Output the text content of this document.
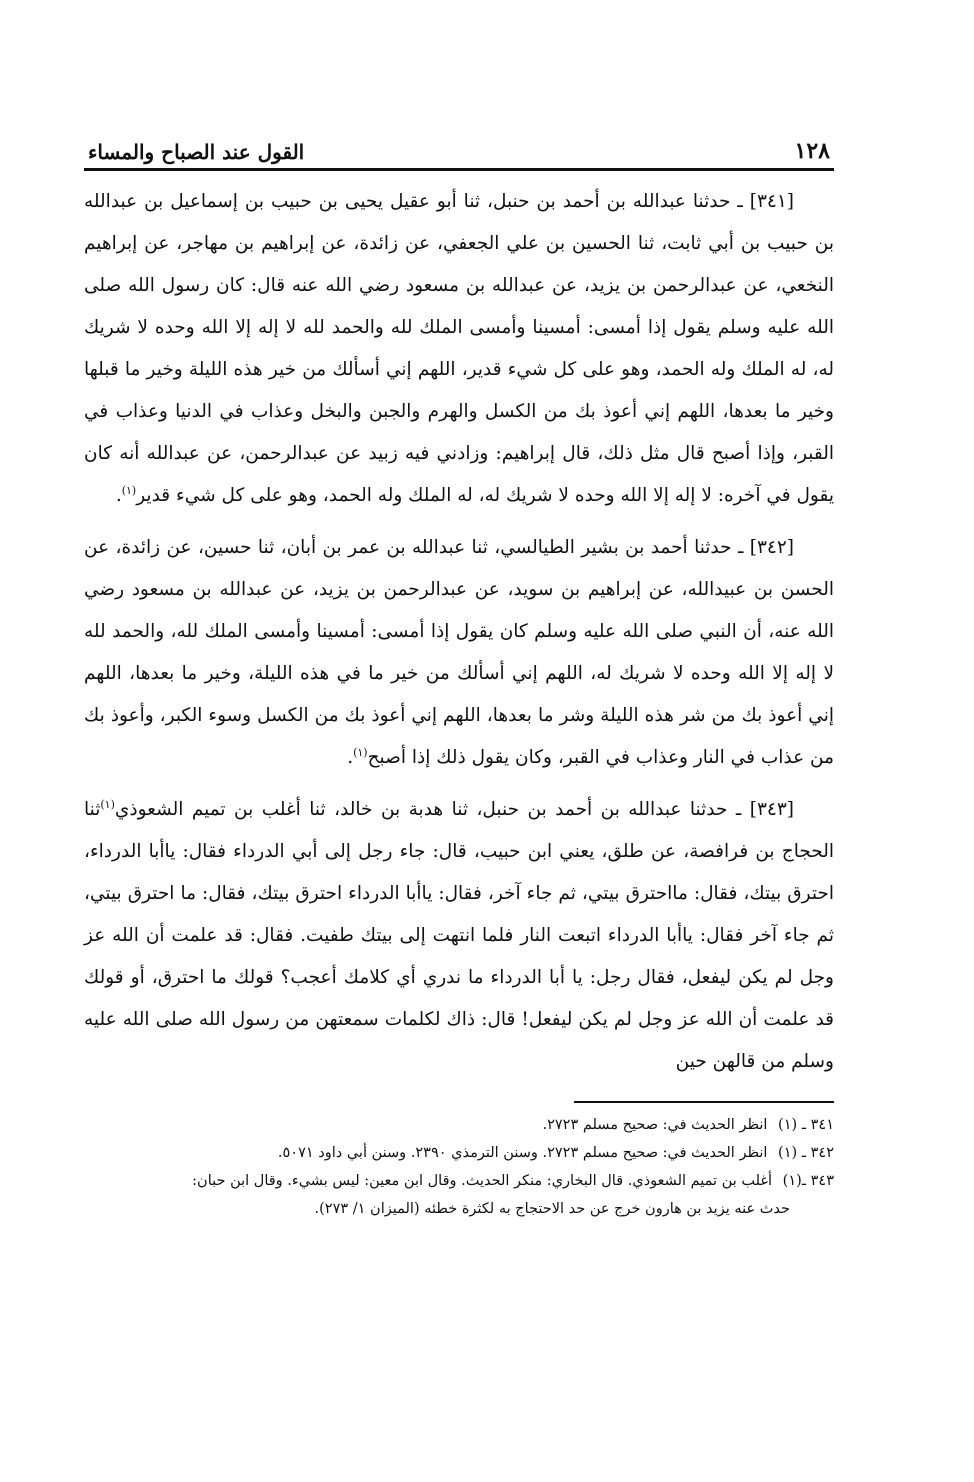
١٢٨
القول عند الصباح والمساء

[٣٤١] ـ حدثنا عبدالله بن أحمد بن حنبل، ثنا أبو عقيل يحيى بن حبيب بن إسماعيل بن عبدالله بن حبيب بن أبي ثابت، ثنا الحسين بن علي الجعفي، عن زائدة، عن إبراهيم بن مهاجر، عن إبراهيم النخعي، عن عبدالرحمن بن يزيد، عن عبدالله بن مسعود رضي الله عنه قال: كان رسول الله صلى الله عليه وسلم يقول إذا أمسى: أمسينا وأمسى الملك لله والحمد لله لا إله إلا الله وحده لا شريك له، له الملك وله الحمد، وهو على كل شيء قدير، اللهم إني أسألك من خير هذه الليلة وخير ما قبلها وخير ما بعدها، اللهم إني أعوذ بك من الكسل والهرم والجبن والبخل وعذاب في الدنيا وعذاب في القبر، وإذا أصبح قال مثل ذلك، قال إبراهيم: وزادني فيه زبيد عن عبدالرحمن، عن عبدالله أنه كان يقول في آخره: لا إله إلا الله وحده لا شريك له، له الملك وله الحمد، وهو على كل شيء قدير$^{(١)}$.

[٣٤٢] ـ حدثنا أحمد بن بشير الطيالسي، ثنا عبدالله بن عمر بن أبان، ثنا حسين، عن زائدة، عن الحسن بن عبيدالله، عن إبراهيم بن سويد، عن عبدالرحمن بن يزيد، عن عبدالله بن مسعود رضي الله عنه، أن النبي صلى الله عليه وسلم كان يقول إذا أمسى: أمسينا وأمسى الملك لله، والحمد لله لا إله إلا الله وحده لا شريك له، اللهم إني أسألك من خير ما في هذه الليلة، وخير ما بعدها، اللهم إني أعوذ بك من شر هذه الليلة وشر ما بعدها، اللهم إني أعوذ بك من الكسل وسوء الكبر، وأعوذ بك من عذاب في النار وعذاب في القبر، وكان يقول ذلك إذا أصبح$^{(١)}$.

[٣٤٣] ـ حدثنا عبدالله بن أحمد بن حنبل، ثنا هدبة بن خالد، ثنا أغلب بن تميم الشعوذي$^{(١)}$ثنا الحجاج بن فرافصة، عن طلق، يعني ابن حبيب، قال: جاء رجل إلى أبي الدرداء فقال: ياأبا الدرداء، احترق بيتك، فقال: مااحترق بيتي، ثم جاء آخر، فقال: ياأبا الدرداء احترق بيتك، فقال: ما احترق بيتي، ثم جاء آخر فقال: ياأبا الدرداء اتبعت النار فلما انتهت إلى بيتك طفيت. فقال: قد علمت أن الله عز وجل لم يكن ليفعل، فقال رجل: يا أبا الدرداء ما ندري أي كلامك أعجب؟ قولك ما احترق، أو قولك قد علمت أن الله عز وجل لم يكن ليفعل! قال: ذاك لكلمات سمعتهن من رسول الله صلى الله عليه وسلم من قالهن حين

٣٤١ ـ (١) انظر الحديث في: صحيح مسلم ٢٧٢٣.

٣٤٢ ـ (١) انظر الحديث في: صحيح مسلم ٢٧٢٣. وسنن الترمذي ٢٣٩٠. وسنن أبي داود ٥٠٧١.

٣٤٣ ـ(١) أغلب بن تميم الشعوذي. قال البخاري: منكر الحديث. وقال ابن معين: ليس بشيء. وقال ابن حبان:

حدث عنه يزيد بن هارون خرج عن حد الاحتجاج به لكثرة خطئه (الميزان ١/ ٢٧٣).
